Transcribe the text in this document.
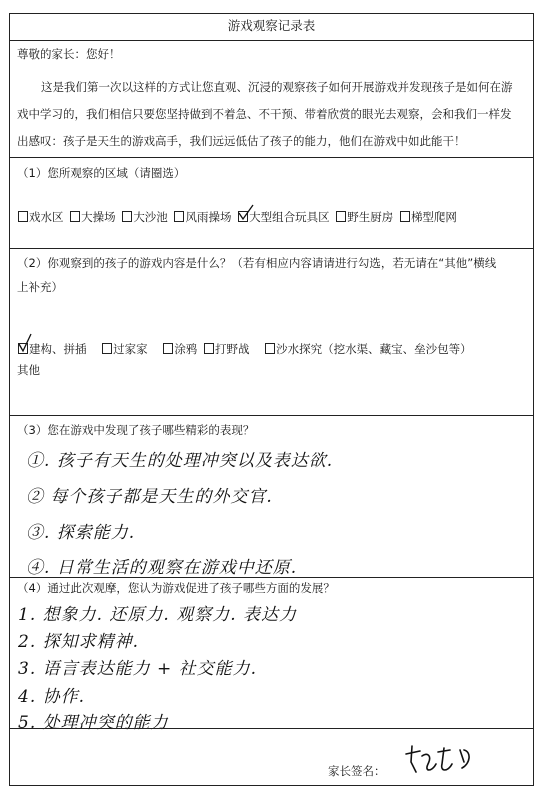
游戏观察记录表
尊敬的家长：您好！
这是我们第一次以这样的方式让您直观、沉浸的观察孩子如何开展游戏并发现孩子是如何在游戏中学习的，我们相信只要您坚持做到不着急、不干预、带着欣赏的眼光去观察，会和我们一样发出感叹：孩子是天生的游戏高手，我们远远低估了孩子的能力，他们在游戏中如此能干！
（1）您所观察的区域（请圈选）
戏水区 大操场 大沙池 风雨操场 大型组合玩具区 野生厨房 梯型爬网
（2）你观察到的孩子的游戏内容是什么？（若有相应内容请请进行勾选，若无请在“其他”横线
上补充）
建构、拼插 过家家 涂鸦 打野战 沙水探究（挖水渠、藏宝、垒沙包等）
其他
（3）您在游戏中发现了孩子哪些精彩的表现？
①. 孩子有天生的处理冲突以及表达欲.
② 每个孩子都是天生的外交官.
③. 探索能力.
④. 日常生活的观察在游戏中还原.
（4）通过此次观摩，您认为游戏促进了孩子哪些方面的发展？
1. 想象力. 还原力. 观察力. 表达力
2. 探知求精神.
3. 语言表达能力 + 社交能力.
4. 协作.
5. 处理冲突的能力
家长签名：
